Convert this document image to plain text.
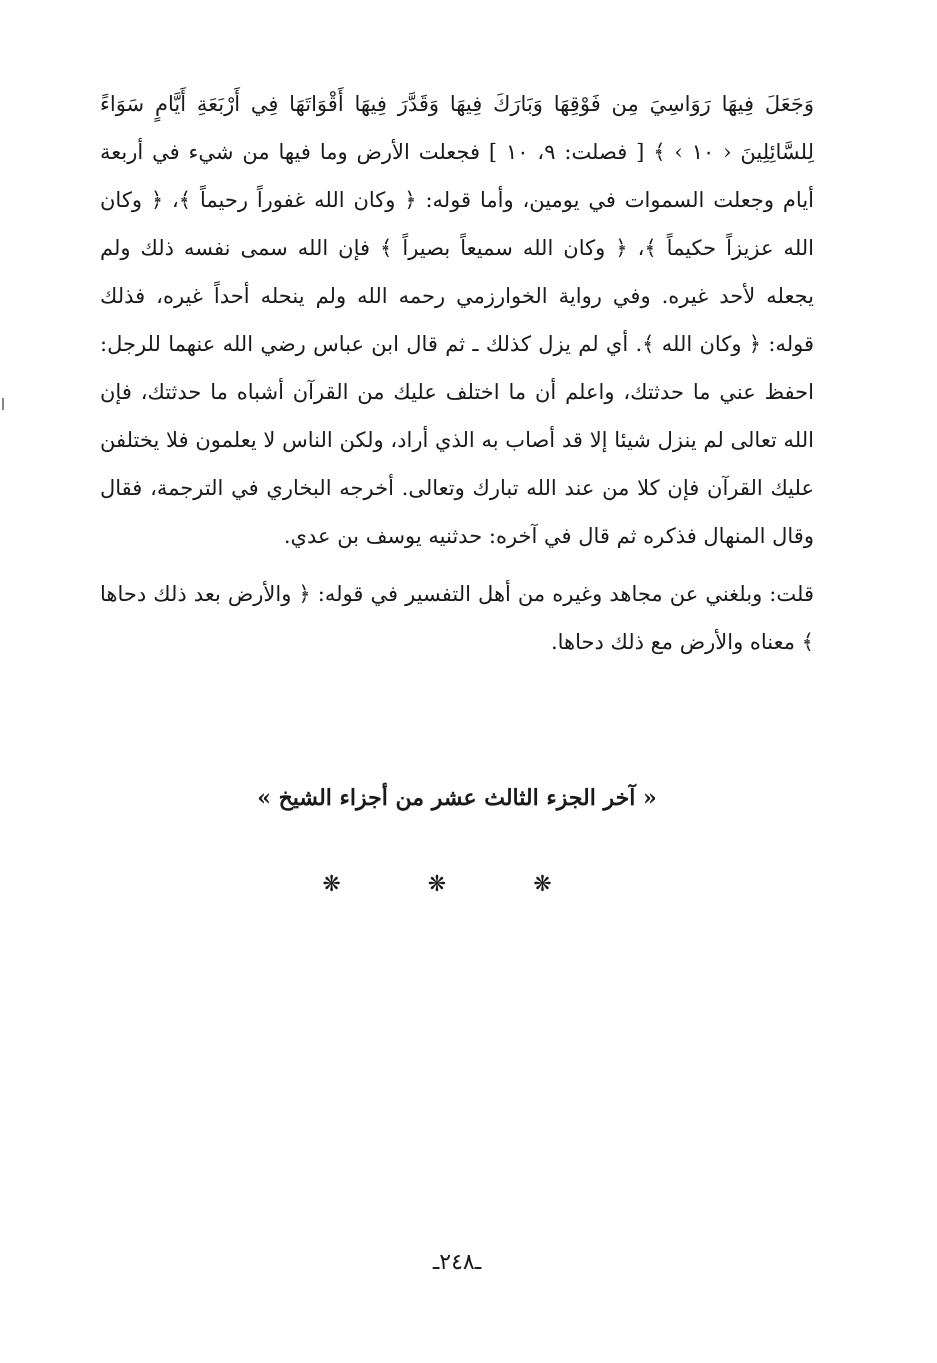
وَجَعَلَ فِيهَا رَوَاسِيَ مِن فَوْقِهَا وَبَارَكَ فِيهَا وَقَدَّرَ فِيهَا أَقْوَاتَهَا فِي أَرْبَعَةِ أَيَّامٍ سَوَاءً لِلسَّائِلِينَ ‹ ١٠ › ﴾ [ فصلت: ٩، ١٠ ] فجعلت الأرض وما فيها من شيء في أربعة أيام وجعلت السموات في يومين، وأما قوله: ﴿ وكان الله غفوراً رحيماً ﴾، ﴿ وكان الله عزيزاً حكيماً ﴾، ﴿ وكان الله سميعاً بصيراً ﴾ فإن الله سمى نفسه ذلك ولم يجعله لأحد غيره. وفي رواية الخوارزمي رحمه الله ولم ينحله أحداً غيره، فذلك قوله: ﴿ وكان الله ﴾. أي لم يزل كذلك ـ ثم قال ابن عباس رضي الله عنهما للرجل: احفظ عني ما حدثتك، واعلم أن ما اختلف عليك من القرآن أشباه ما حدثتك، فإن الله تعالى لم ينزل شيئا إلا قد أصاب به الذي أراد، ولكن الناس لا يعلمون فلا يختلفن عليك القرآن فإن كلا من عند الله تبارك وتعالى. أخرجه البخاري في الترجمة، فقال وقال المنهال فذكره ثم قال في آخره: حدثنيه يوسف بن عدي.

قلت: وبلغني عن مجاهد وغيره من أهل التفسير في قوله: ﴿ والأرض بعد ذلك دحاها ﴾ معناه والأرض مع ذلك دحاها.

« آخر الجزء الثالث عشر من أجزاء الشيخ »
❋ ❋ ❋
ـ٢٤٨ـ
